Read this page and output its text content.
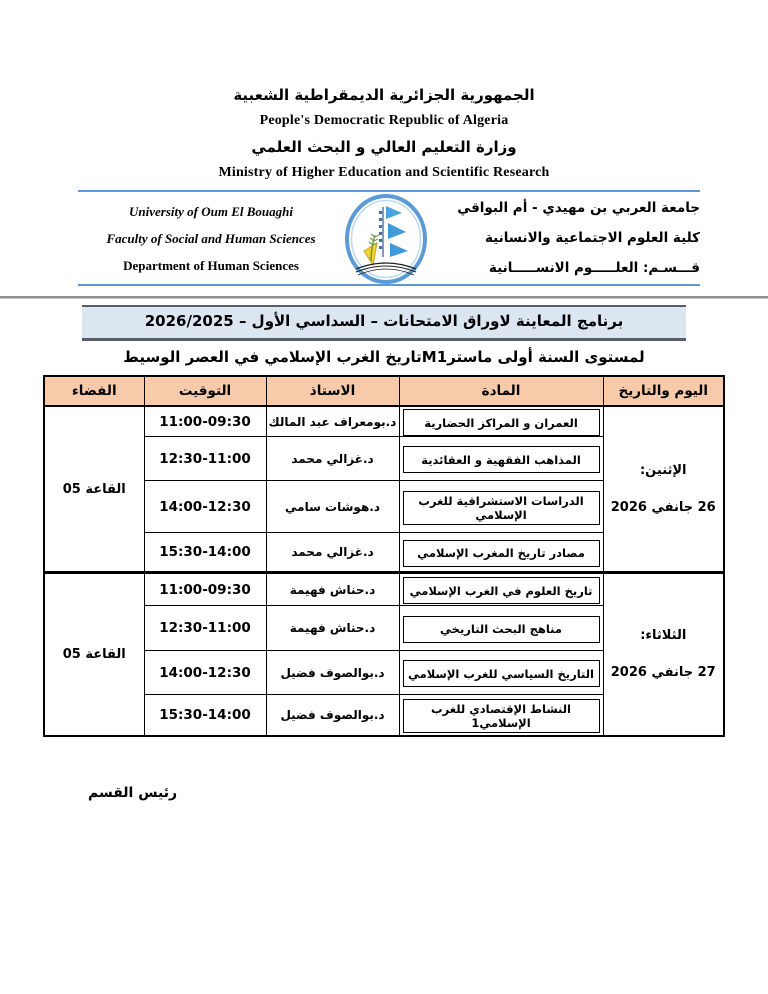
الجمهورية الجزائرية الديمقراطية الشعبية
People's Democratic Republic of Algeria
وزارة التعليم العالي و البحث العلمي
Ministry of Higher Education and Scientific Research
University of Oum El Bouaghi
Faculty of Social and Human Sciences
Department of Human Sciences
جامعة العربي بن مهيدي - أم البواقي
كلية العلوم الاجتماعية والانسانية
قـــسـم: العلـــــوم الانســـــانية
برنامج المعاينة لاوراق الامتحانات – السداسي الأول – 2026/2025
لمستوى السنة أولى ماسترM1تاريخ الغرب الإسلامي في العصر الوسيط
اليوم والتاريخ	المادة	الاستاذ	التوقيت	الفضاء

الإثنين:
26 جانفي 2026	العمران و المراكز الحضارية	د.بومعراف عبد المالك	11:00-09:30	القاعة 05

المذاهب الفقهية و العقائدية	د.غزالي محمد	12:30-11:00	

الدراسات الاستشراقية للغرب الإسلامي	د.هوشات سامي	14:00-12:30	

مصادر تاريخ المغرب الإسلامي	د.غزالي محمد	15:30-14:00	

الثلاثاء:
27 جانفي 2026	تاريخ العلوم في الغرب الإسلامي	د.حناش فهيمة	11:00-09:30	القاعة 05

مناهج البحث التاريخي	د.حناش فهيمة	12:30-11:00	

التاريخ السياسي للغرب الإسلامي	د.بوالصوف فضيل	14:00-12:30	

النشاط الإقتصادي للغرب الإسلامي1	د.بوالصوف فضيل	15:30-14:00	
رئيس القسم
